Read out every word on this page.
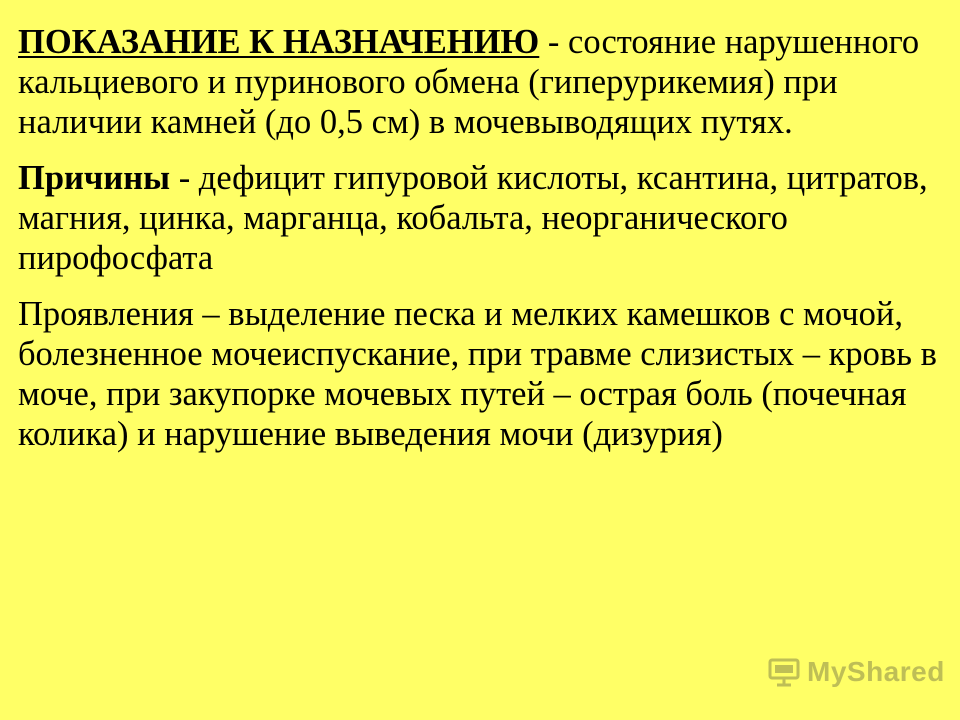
ПОКАЗАНИЕ К НАЗНАЧЕНИЮ - состояние нарушенного кальциевого и пуринового обмена (гиперурикемия) при наличии камней (до 0,5 см) в мочевыводящих путях.

Причины - дефицит гипуровой кислоты, ксантина, цитратов, магния, цинка, марганца, кобальта, неорганического пирофосфата

Проявления – выделение песка и мелких камешков с мочой, болезненное мочеиспускание, при травме слизистых – кровь в моче, при закупорке мочевых путей – острая боль (почечная колика) и нарушение выведения мочи (дизурия)

MyShared
